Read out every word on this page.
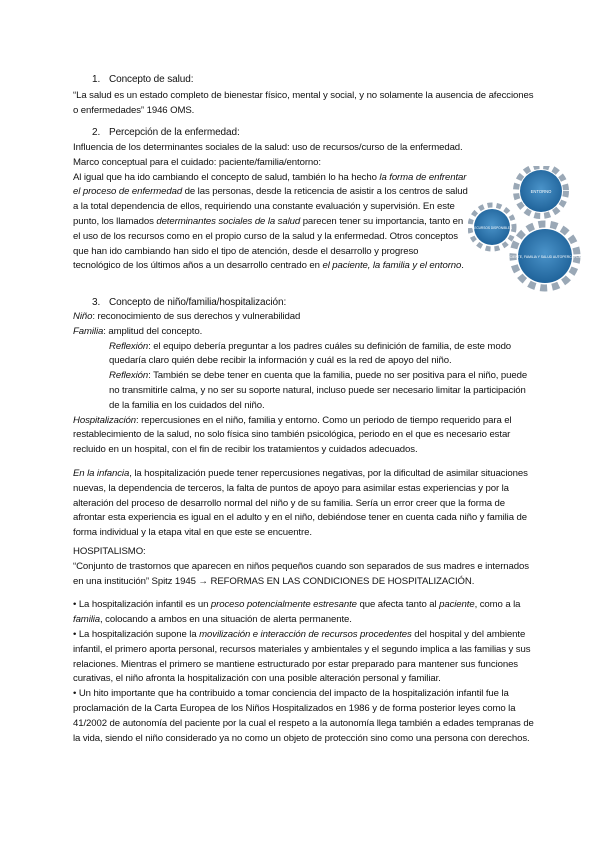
1. Concepto de salud:

“La salud es un estado completo de bienestar físico, mental y social, y no solamente la ausencia de afecciones o enfermedades” 1946 OMS.

2. Percepción de la enfermedad:

Influencia de los determinantes sociales de la salud: uso de recursos/curso de la enfermedad.

Marco conceptual para el cuidado: paciente/familia/entorno:

Al igual que ha ido cambiando el concepto de salud, también lo ha hecho la forma de enfrentar el proceso de enfermedad de las personas, desde la reticencia de asistir a los centros de salud a la total dependencia de ellos, requiriendo una constante evaluación y supervisión. En este punto, los llamados determinantes sociales de la salud parecen tener su importancia, tanto en el uso de los recursos como en el propio curso de la salud y la enfermedad. Otros conceptos que han ido cambiando han sido el tipo de atención, desde el desarrollo y progreso tecnológico de los últimos años a un desarrollo centrado en el paciente, la familia y el entorno.

ENTORNO
RECURSOS DISPONIBLES
PACIENTE, FAMILIA Y SALUD AUTOPERCEPCIÓN
3. Concepto de niño/familia/hospitalización:

Niño: reconocimiento de sus derechos y vulnerabilidad

Familia: amplitud del concepto.

Reflexión: el equipo debería preguntar a los padres cuáles su definición de familia, de este modo quedaría claro quién debe recibir la información y cuál es la red de apoyo del niño.

Reflexión: También se debe tener en cuenta que la familia, puede no ser positiva para el niño, puede no transmitirle calma, y no ser su soporte natural, incluso puede ser necesario limitar la participación de la familia en los cuidados del niño.

Hospitalización: repercusiones en el niño, familia y entorno. Como un periodo de tiempo requerido para el restablecimiento de la salud, no solo física sino también psicológica, periodo en el que es necesario estar recluido en un hospital, con el fin de recibir los tratamientos y cuidados adecuados.

En la infancia, la hospitalización puede tener repercusiones negativas, por la dificultad de asimilar situaciones nuevas, la dependencia de terceros, la falta de puntos de apoyo para asimilar estas experiencias y por la alteración del proceso de desarrollo normal del niño y de su familia. Sería un error creer que la forma de afrontar esta experiencia es igual en el adulto y en el niño, debiéndose tener en cuenta cada niño y familia de forma individual y la etapa vital en que este se encuentre.

HOSPITALISMO:

“Conjunto de trastornos que aparecen en niños pequeños cuando son separados de sus madres e internados en una institución” Spitz 1945 → REFORMAS EN LAS CONDICIONES DE HOSPITALIZACIÓN.

• La hospitalización infantil es un proceso potencialmente estresante que afecta tanto al paciente, como a la familia, colocando a ambos en una situación de alerta permanente.

• La hospitalización supone la movilización e interacción de recursos procedentes del hospital y del ambiente infantil, el primero aporta personal, recursos materiales y ambientales y el segundo implica a las familias y sus relaciones. Mientras el primero se mantiene estructurado por estar preparado para mantener sus funciones curativas, el niño afronta la hospitalización con una posible alteración personal y familiar.

• Un hito importante que ha contribuido a tomar conciencia del impacto de la hospitalización infantil fue la proclamación de la Carta Europea de los Niños Hospitalizados en 1986 y de forma posterior leyes como la 41/2002 de autonomía del paciente por la cual el respeto a la autonomía llega también a edades tempranas de la vida, siendo el niño considerado ya no como un objeto de protección sino como una persona con derechos.
